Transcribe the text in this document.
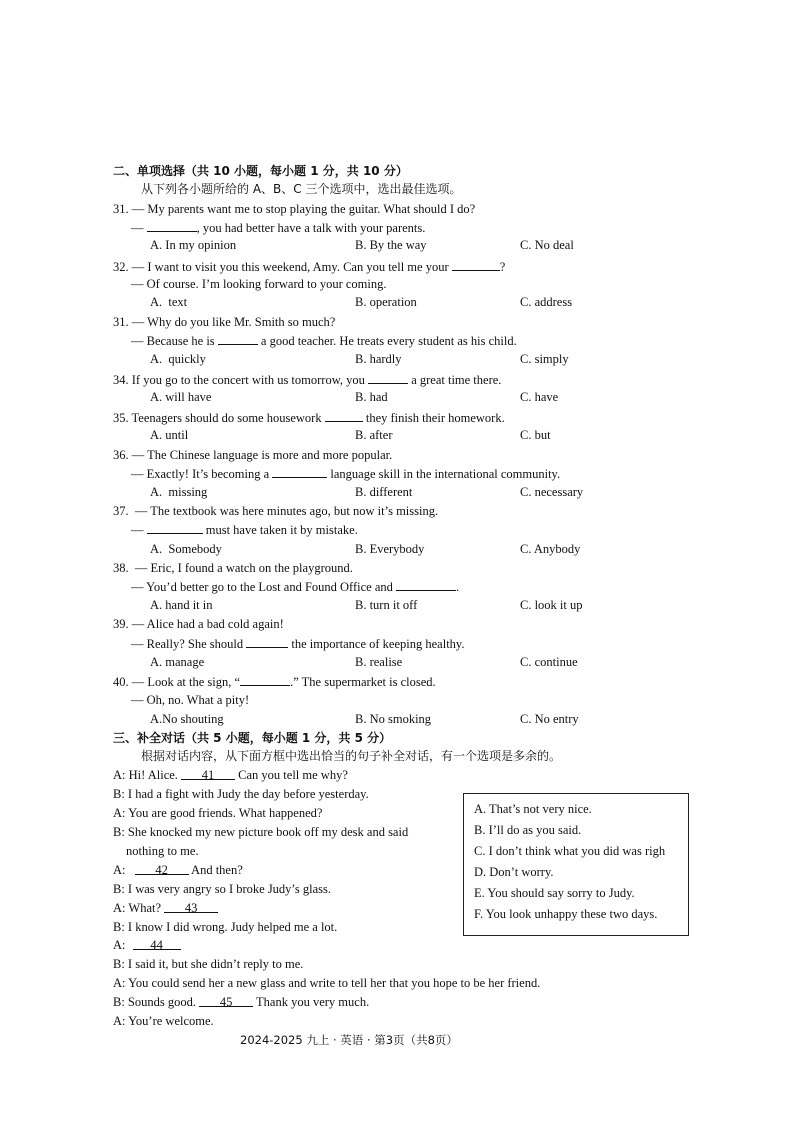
二、单项选择（共 10 小题，每小题 1 分，共 10 分）
从下列各小题所给的 A、B、C 三个选项中，选出最佳选项。
31. — My parents want me to stop playing the guitar. What should I do?
—	, you had better have a talk with your parents.
A. In my opinion	B. By the way	C. No deal
32. — I want to visit you this weekend, Amy. Can you tell me your	?
— Of course. I’m looking forward to your coming.
A.  text	B. operation	C. address
31. — Why do you like Mr. Smith so much?
— Because he is	a good teacher. He treats every student as his child.
A.  quickly	B. hardly	C. simply
34. If you go to the concert with us tomorrow, you	a great time there.
A. will have	B. had	C. have
35. Teenagers should do some housework	they finish their homework.
A. until	B. after	C. but
36. — The Chinese language is more and more popular.
— Exactly! It’s becoming a	language skill in the international community.
A.  missing	B. different	C. necessary
37.  — The textbook was here minutes ago, but now it’s missing.
—	must have taken it by mistake.
A.  Somebody	B. Everybody	C. Anybody
38.  — Eric, I found a watch on the playground.
— You’d better go to the Lost and Found Office and	.
A. hand it in	B. turn it off	C. look it up
39. — Alice had a bad cold again!
— Really? She should	the importance of keeping healthy.
A. manage	B. realise	C. continue
40. — Look at the sign, “	.” The supermarket is closed.
— Oh, no. What a pity!
A.No shouting	B. No smoking	C. No entry
三、补全对话（共 5 小题，每小题 1 分，共 5 分）
根据对话内容，从下面方框中选出恰当的句子补全对话，有一个选项是多余的。
A: Hi! Alice. 41 Can you tell me why?
B: I had a fight with Judy the day before yesterday.
A: You are good friends. What happened?
B: She knocked my new picture book off my desk and said
nothing to me.
A: 42 And then?
B: I was very angry so I broke Judy’s glass.
A: What? 43
B: I know I did wrong. Judy helped me a lot.
A: 44
B: I said it, but she didn’t reply to me.
A: You could send her a new glass and write to tell her that you hope to be her friend.
B: Sounds good. 45 Thank you very much.
A: You’re welcome.
A. That’s not very nice.
B. I’ll do as you said.
C. I don’t think what you did was righ
D. Don’t worry.
E. You should say sorry to Judy.
F. You look unhappy these two days.
2024-2025 九上 · 英语 · 第3页（共8页）
